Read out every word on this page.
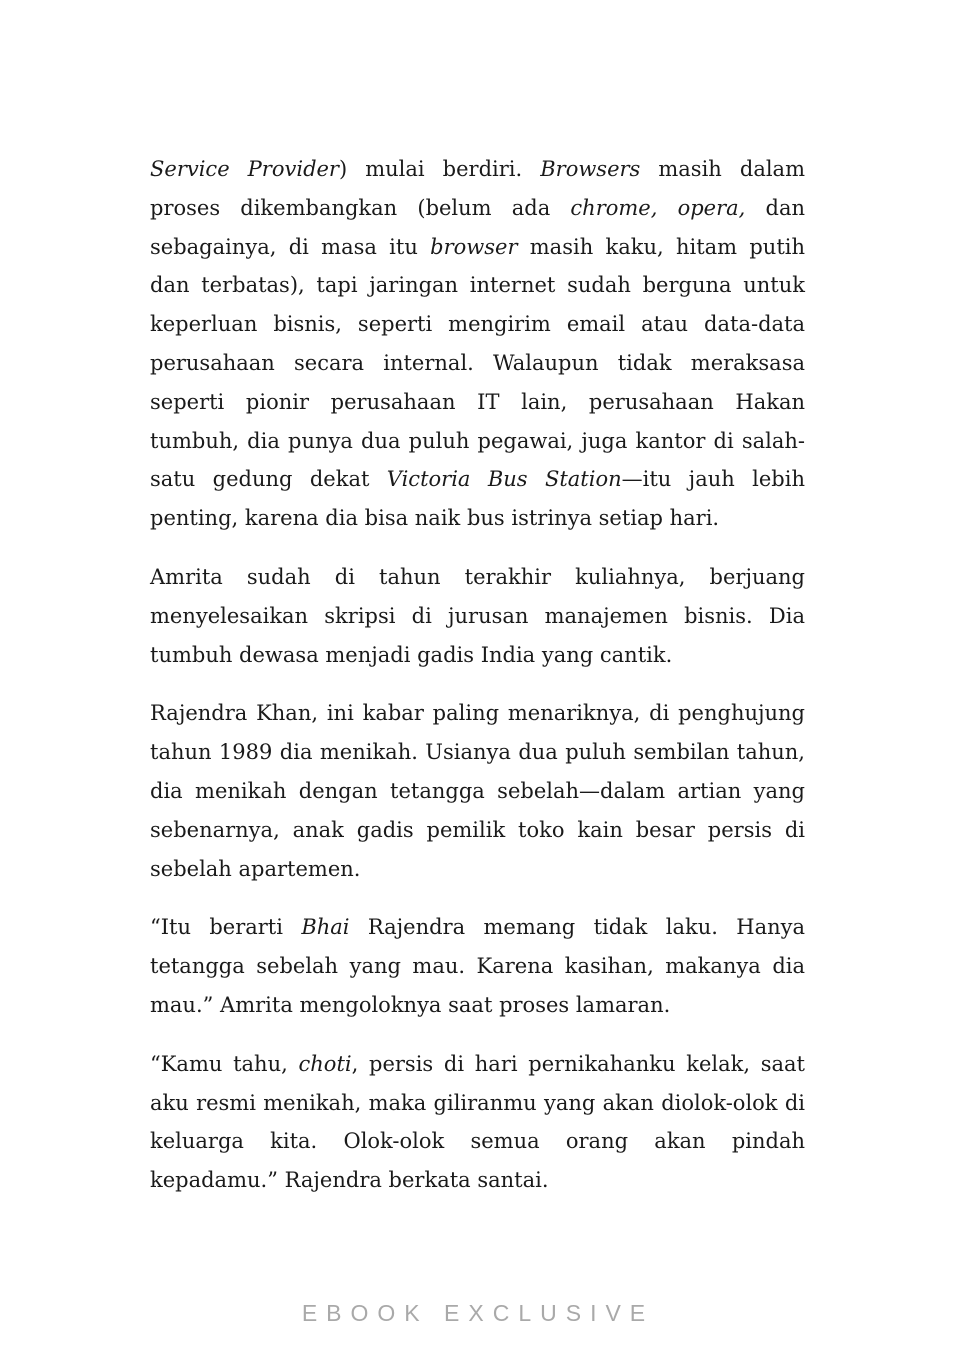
Service Provider) mulai berdiri. Browsers masih dalam proses dikembangkan (belum ada chrome, opera, dan sebagainya, di masa itu browser masih kaku, hitam putih dan terbatas), tapi jaringan internet sudah berguna untuk keperluan bisnis, seperti mengirim email atau data-data perusahaan secara internal. Walaupun tidak meraksasa seperti pionir perusahaan IT lain, perusahaan Hakan tumbuh, dia punya dua puluh pegawai, juga kantor di salah-satu gedung dekat Victoria Bus Station—itu jauh lebih penting, karena dia bisa naik bus istrinya setiap hari.

Amrita sudah di tahun terakhir kuliahnya, berjuang menyelesaikan skripsi di jurusan manajemen bisnis. Dia tumbuh dewasa menjadi gadis India yang cantik.

Rajendra Khan, ini kabar paling menariknya, di penghujung tahun 1989 dia menikah. Usianya dua puluh sembilan tahun, dia menikah dengan tetangga sebelah—dalam artian yang sebenarnya, anak gadis pemilik toko kain besar persis di sebelah apartemen.

“Itu berarti Bhai Rajendra memang tidak laku. Hanya tetangga sebelah yang mau. Karena kasihan, makanya dia mau.” Amrita mengoloknya saat proses lamaran.

“Kamu tahu, choti, persis di hari pernikahanku kelak, saat aku resmi menikah, maka giliranmu yang akan diolok-olok di keluarga kita. Olok-olok semua orang akan pindah kepadamu.” Rajendra berkata santai.

EBOOK EXCLUSIVE
